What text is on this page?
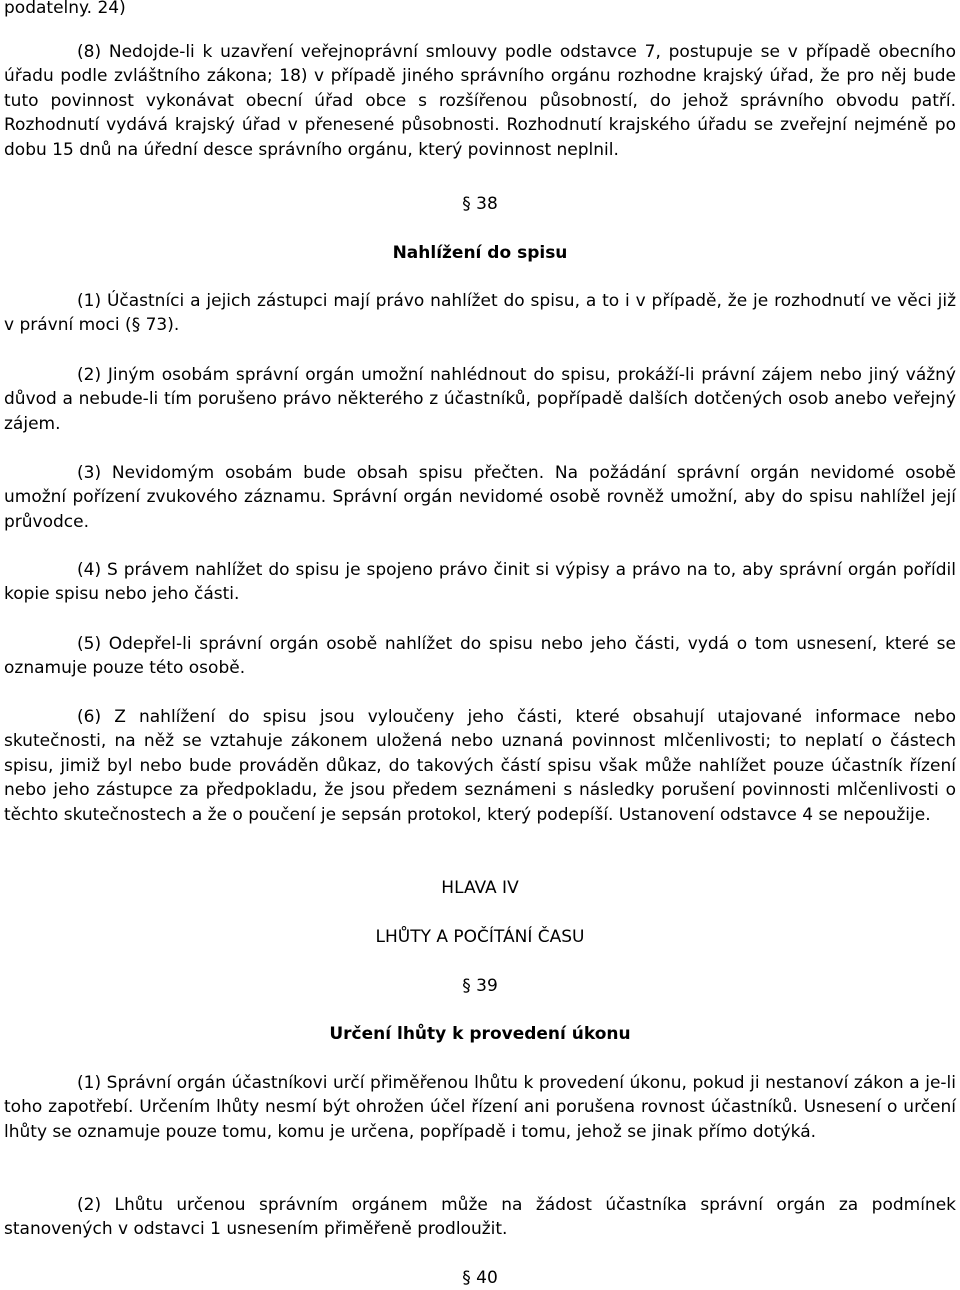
podatelny. 24)

(8) Nedojde-li k uzavření veřejnoprávní smlouvy podle odstavce 7, postupuje se v případě obecního úřadu podle zvláštního zákona; 18) v případě jiného správního orgánu rozhodne krajský úřad, že pro něj bude tuto povinnost vykonávat obecní úřad obce s rozšířenou působností, do jehož správního obvodu patří. Rozhodnutí vydává krajský úřad v přenesené působnosti. Rozhodnutí krajského úřadu se zveřejní nejméně po dobu 15 dnů na úřední desce správního orgánu, který povinnost neplnil.

§ 38

Nahlížení do spisu

(1) Účastníci a jejich zástupci mají právo nahlížet do spisu, a to i v případě, že je rozhodnutí ve věci již v právní moci (§ 73).

(2) Jiným osobám správní orgán umožní nahlédnout do spisu, prokáží-li právní zájem nebo jiný vážný důvod a nebude-li tím porušeno právo některého z účastníků, popřípadě dalších dotčených osob anebo veřejný zájem.

(3) Nevidomým osobám bude obsah spisu přečten. Na požádání správní orgán nevidomé osobě umožní pořízení zvukového záznamu. Správní orgán nevidomé osobě rovněž umožní, aby do spisu nahlížel její průvodce.

(4) S právem nahlížet do spisu je spojeno právo činit si výpisy a právo na to, aby správní orgán pořídil kopie spisu nebo jeho části.

(5) Odepřel-li správní orgán osobě nahlížet do spisu nebo jeho části, vydá o tom usnesení, které se oznamuje pouze této osobě.

(6) Z nahlížení do spisu jsou vyloučeny jeho části, které obsahují utajované informace nebo skutečnosti, na něž se vztahuje zákonem uložená nebo uznaná povinnost mlčenlivosti; to neplatí o částech spisu, jimiž byl nebo bude prováděn důkaz, do takových částí spisu však může nahlížet pouze účastník řízení nebo jeho zástupce za předpokladu, že jsou předem seznámeni s následky porušení povinnosti mlčenlivosti o těchto skutečnostech a že o poučení je sepsán protokol, který podepíší. Ustanovení odstavce 4 se nepoužije.

HLAVA IV

LHŮTY A POČÍTÁNÍ ČASU

§ 39

Určení lhůty k provedení úkonu

(1) Správní orgán účastníkovi určí přiměřenou lhůtu k provedení úkonu, pokud ji nestanoví zákon a je-li toho zapotřebí. Určením lhůty nesmí být ohrožen účel řízení ani porušena rovnost účastníků. Usnesení o určení lhůty se oznamuje pouze tomu, komu je určena, popřípadě i tomu, jehož se jinak přímo dotýká.

(2) Lhůtu určenou správním orgánem může na žádost účastníka správní orgán za podmínek stanovených v odstavci 1 usnesením přiměřeně prodloužit.

§ 40
